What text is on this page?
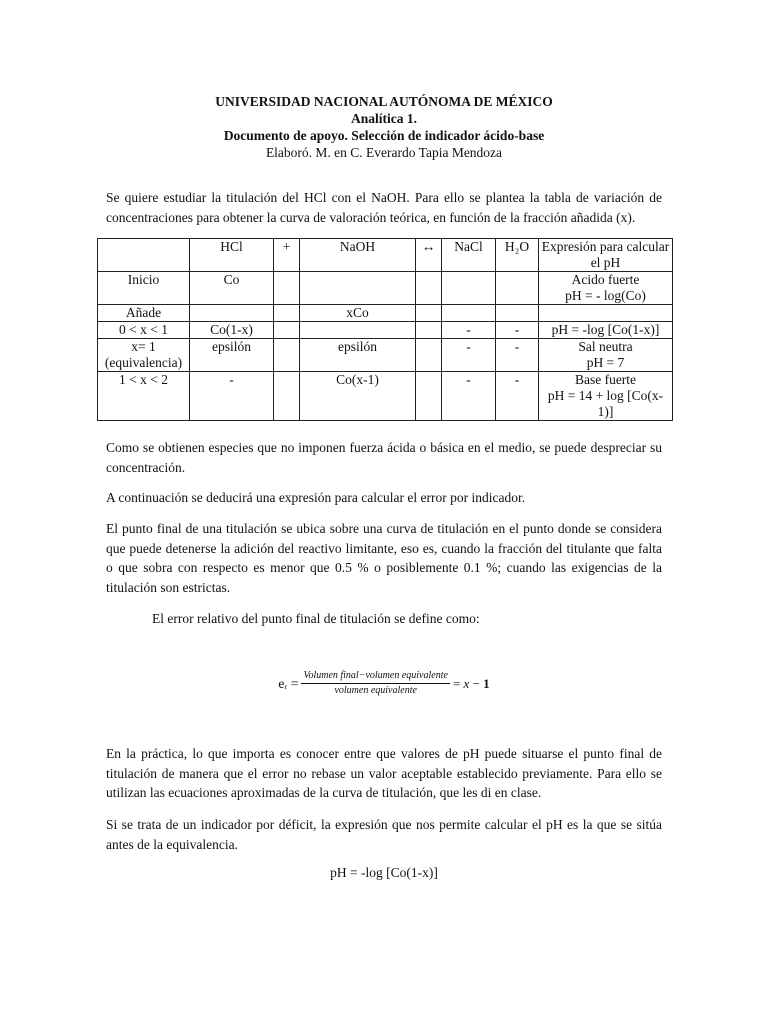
UNIVERSIDAD NACIONAL AUTÓNOMA DE MÉXICO
Analítica 1.
Documento de apoyo. Selección de indicador ácido-base
Elaboró. M. en C. Everardo Tapia Mendoza
Se quiere estudiar la titulación del HCl con el NaOH. Para ello se plantea la tabla de variación de concentraciones para obtener la curva de valoración teórica, en función de la fracción añadida (x).
	HCl	+	NaOH	↔	NaCl	H₂O	Expresión para calcular el pH
Inicio	Co						Acido fuerte
pH = - log(Co)
Añade			xCo				
0 < x < 1	Co(1-x)				-	-	pH = -log [Co(1-x)]
x= 1
(equivalencia)	epsilón		epsilón		-	-	Sal neutra
pH = 7
1 < x < 2	-		Co(x-1)		-	-	Base fuerte
pH = 14 + log [Co(x-1)]
Como se obtienen especies que no imponen fuerza ácida o básica en el medio, se puede despreciar su concentración.
A continuación se deducirá una expresión para calcular el error por indicador.
El punto final de una titulación se ubica sobre una curva de titulación en el punto donde se considera que puede detenerse la adición del reactivo limitante, eso es, cuando la fracción del titulante que falta o que sobra con respecto es menor que 0.5 % o posiblemente 0.1 %; cuando las exigencias de la titulación son estrictas.
El error relativo del punto final de titulación se define como:
eᵣ = $\frac{\text{Volumen final−volumen equivalente}}{\text{volumen equivalente}} = x - 1$
En la práctica, lo que importa es conocer entre que valores de pH puede situarse el punto final de titulación de manera que el error no rebase un valor aceptable establecido previamente. Para ello se utilizan las ecuaciones aproximadas de la curva de titulación, que les di en clase.
Si se trata de un indicador por déficit, la expresión que nos permite calcular el pH es la que se sitúa antes de la equivalencia.
pH = -log [Co(1-x)]
